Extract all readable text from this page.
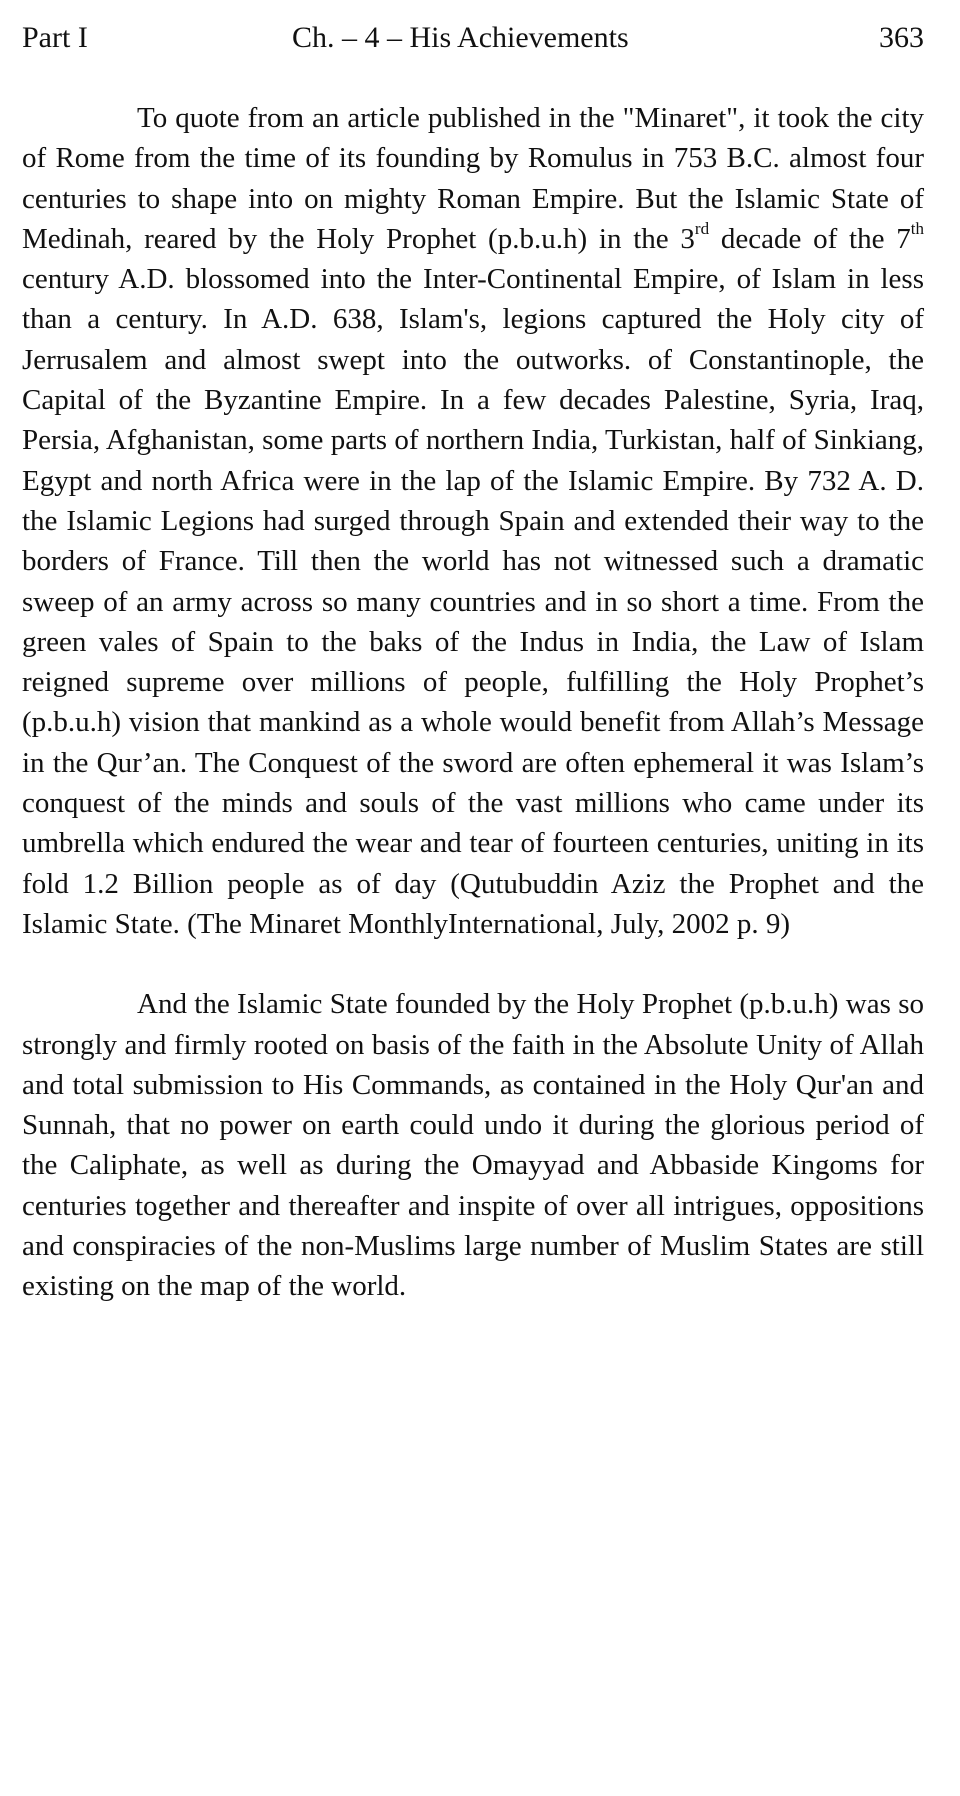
Part I	Ch. – 4 – His Achievements	363

To quote from an article published in the "Minaret", it took the city of Rome from the time of its founding by Romulus in 753 B.C. almost four centuries to shape into on mighty Roman Empire. But the Islamic State of Medinah, reared by the Holy Prophet (p.b.u.h) in the 3rd decade of the 7th century A.D. blossomed into the Inter-Continental Empire, of Islam in less than a century. In A.D. 638, Islam's, legions captured the Holy city of Jerrusalem and almost swept into the outworks. of Constantinople, the Capital of the Byzantine Empire. In a few decades Palestine, Syria, Iraq, Persia, Afghanistan, some parts of northern India, Turkistan, half of Sinkiang, Egypt and north Africa were in the lap of the Islamic Empire. By 732 A. D. the Islamic Legions had surged through Spain and extended their way to the borders of France. Till then the world has not witnessed such a dramatic sweep of an army across so many countries and in so short a time. From the green vales of Spain to the baks of the Indus in India, the Law of Islam reigned supreme over millions of people, fulfilling the Holy Prophet’s (p.b.u.h) vision that mankind as a whole would benefit from Allah’s Message in the Qur’an. The Conquest of the sword are often ephemeral it was Islam’s conquest of the minds and souls of the vast millions who came under its umbrella which endured the wear and tear of fourteen centuries, uniting in its fold 1.2 Billion people as of day (Qutubuddin Aziz the Prophet and the Islamic State. (The Minaret MonthlyInternational, July, 2002 p. 9)

And the Islamic State founded by the Holy Prophet (p.b.u.h) was so strongly and firmly rooted on basis of the faith in the Absolute Unity of Allah and total submission to His Commands, as contained in the Holy Qur'an and Sunnah, that no power on earth could undo it during the glorious period of the Caliphate, as well as during the Omayyad and Abbaside Kingoms for centuries together and thereafter and inspite of over all intrigues, oppositions and conspiracies of the non-Muslims large number of Muslim States are still existing on the map of the world.
